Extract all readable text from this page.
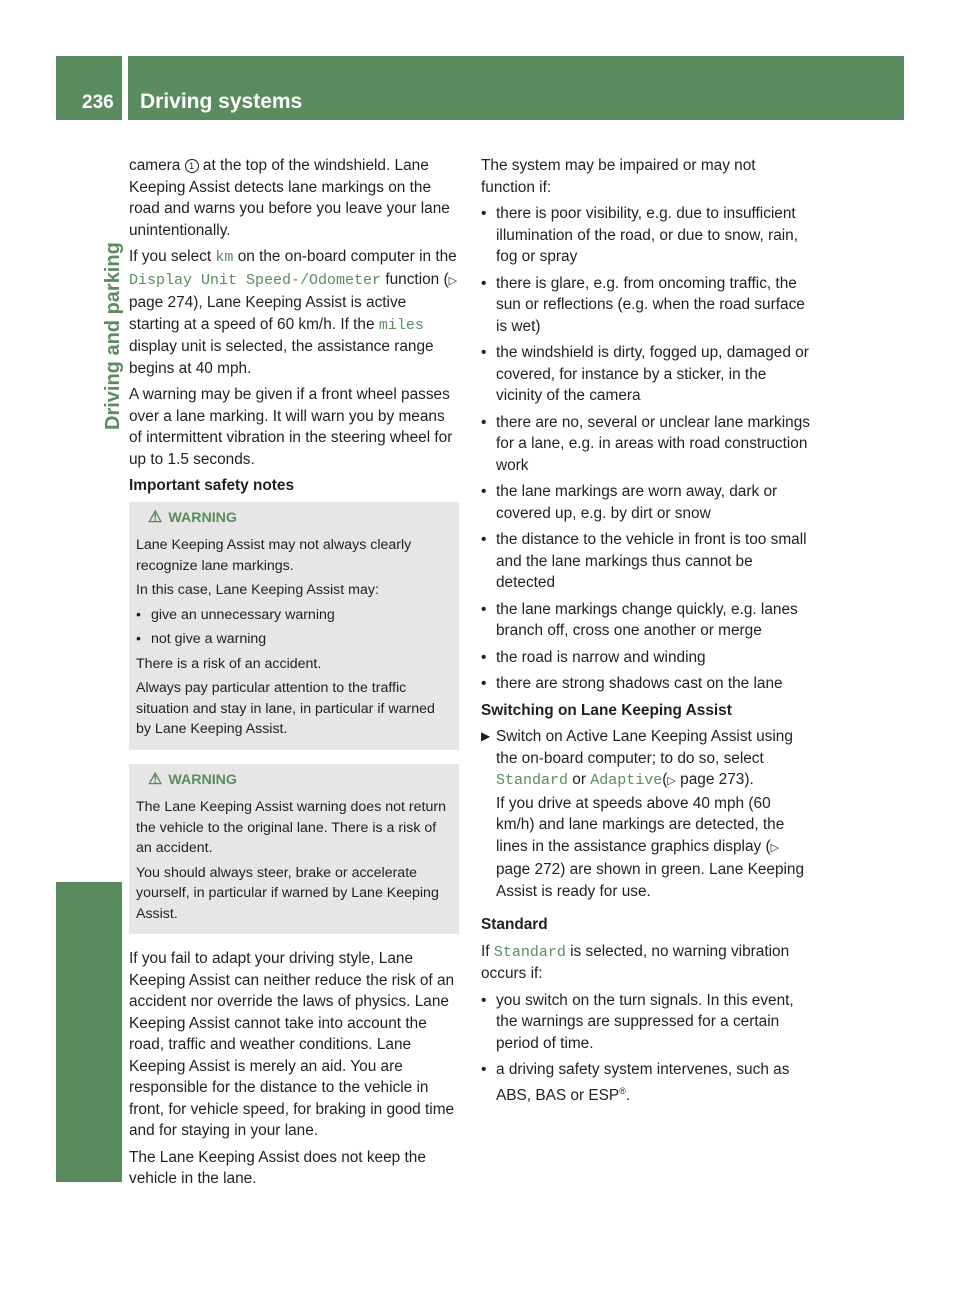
236 Driving systems
Driving and parking

camera 1 at the top of the windshield. Lane Keeping Assist detects lane markings on the road and warns you before you leave your lane unintentionally.

If you select km on the on-board computer in the Display Unit Speed-/Odometer function (▷ page 274), Lane Keeping Assist is active starting at a speed of 60 km/h. If the miles display unit is selected, the assistance range begins at 40 mph.

A warning may be given if a front wheel passes over a lane marking. It will warn you by means of intermittent vibration in the steering wheel for up to 1.5 seconds.

Important safety notes

⚠ WARNING

Lane Keeping Assist may not always clearly recognize lane markings.

In this case, Lane Keeping Assist may:

• give an unnecessary warning
• not give a warning

There is a risk of an accident.

Always pay particular attention to the traffic situation and stay in lane, in particular if warned by Lane Keeping Assist.

⚠ WARNING

The Lane Keeping Assist warning does not return the vehicle to the original lane. There is a risk of an accident.

You should always steer, brake or accelerate yourself, in particular if warned by Lane Keeping Assist.

If you fail to adapt your driving style, Lane Keeping Assist can neither reduce the risk of an accident nor override the laws of physics. Lane Keeping Assist cannot take into account the road, traffic and weather conditions. Lane Keeping Assist is merely an aid. You are responsible for the distance to the vehicle in front, for vehicle speed, for braking in good time and for staying in your lane.

The Lane Keeping Assist does not keep the vehicle in the lane.

The system may be impaired or may not function if:

• there is poor visibility, e.g. due to insufficient illumination of the road, or due to snow, rain, fog or spray
• there is glare, e.g. from oncoming traffic, the sun or reflections (e.g. when the road surface is wet)
• the windshield is dirty, fogged up, damaged or covered, for instance by a sticker, in the vicinity of the camera
• there are no, several or unclear lane markings for a lane, e.g. in areas with road construction work
• the lane markings are worn away, dark or covered up, e.g. by dirt or snow
• the distance to the vehicle in front is too small and the lane markings thus cannot be detected
• the lane markings change quickly, e.g. lanes branch off, cross one another or merge
• the road is narrow and winding
• there are strong shadows cast on the lane

Switching on Lane Keeping Assist

▶ Switch on Active Lane Keeping Assist using the on-board computer; to do so, select Standard or Adaptive(▷ page 273).
If you drive at speeds above 40 mph (60 km/h) and lane markings are detected, the lines in the assistance graphics display (▷ page 272) are shown in green. Lane Keeping Assist is ready for use.

Standard

If Standard is selected, no warning vibration occurs if:

• you switch on the turn signals. In this event, the warnings are suppressed for a certain period of time.
• a driving safety system intervenes, such as ABS, BAS or ESP®.
